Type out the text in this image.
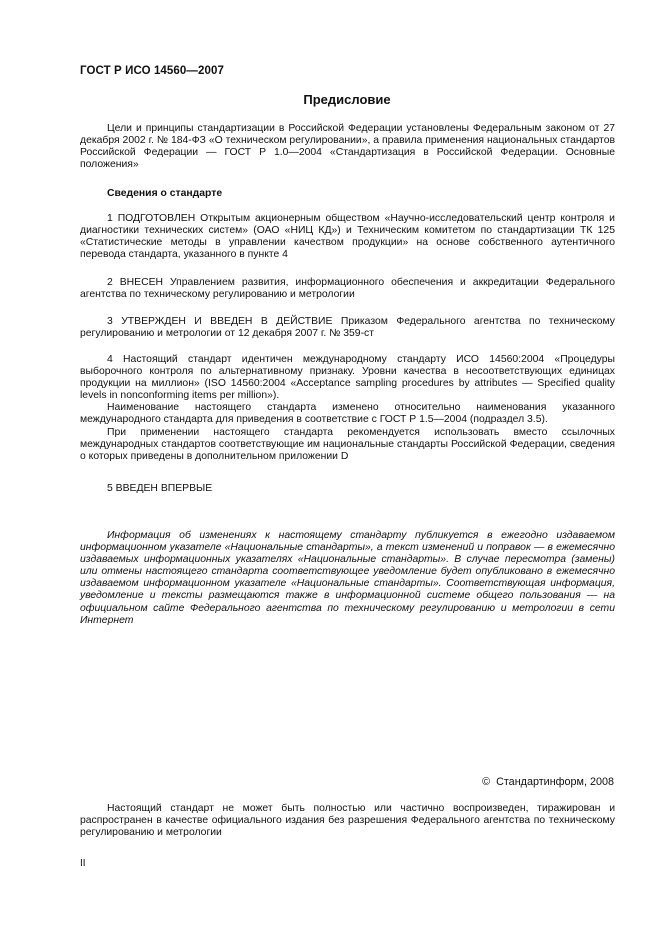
ГОСТ Р ИСО 14560—2007
Предисловие

Цели и принципы стандартизации в Российской Федерации установлены Федеральным законом от 27 декабря 2002 г. № 184-ФЗ «О техническом регулировании», а правила применения национальных стандартов Российской Федерации — ГОСТ Р 1.0—2004 «Стандартизация в Российской Федерации. Основные положения»

Сведения о стандарте

1 ПОДГОТОВЛЕН Открытым акционерным обществом «Научно-исследовательский центр контроля и диагностики технических систем» (ОАО «НИЦ КД») и Техническим комитетом по стандартизации ТК 125 «Статистические методы в управлении качеством продукции» на основе собственного аутентичного перевода стандарта, указанного в пункте 4

2 ВНЕСЕН Управлением развития, информационного обеспечения и аккредитации Федерального агентства по техническому регулированию и метрологии

3 УТВЕРЖДЕН И ВВЕДЕН В ДЕЙСТВИЕ Приказом Федерального агентства по техническому регулированию и метрологии от 12 декабря 2007 г. № 359-ст

4 Настоящий стандарт идентичен международному стандарту ИСО 14560:2004 «Процедуры выборочного контроля по альтернативному признаку. Уровни качества в несоответствующих единицах продукции на миллион» (ISO 14560:2004 «Acceptance sampling procedures by attributes — Specified quality levels in nonconforming items per million»).

Наименование настоящего стандарта изменено относительно наименования указанного международного стандарта для приведения в соответствие с ГОСТ Р 1.5—2004 (подраздел 3.5).

При применении настоящего стандарта рекомендуется использовать вместо ссылочных международных стандартов соответствующие им национальные стандарты Российской Федерации, сведения о которых приведены в дополнительном приложении D

5 ВВЕДЕН ВПЕРВЫЕ

Информация об изменениях к настоящему стандарту публикуется в ежегодно издаваемом информационном указателе «Национальные стандарты», а текст изменений и поправок — в ежемесячно издаваемых информационных указателях «Национальные стандарты». В случае пересмотра (замены) или отмены настоящего стандарта соответствующее уведомление будет опубликовано в ежемесячно издаваемом информационном указателе «Национальные стандарты». Соответствующая информация, уведомление и тексты размещаются также в информационной системе общего пользования — на официальном сайте Федерального агентства по техническому регулированию и метрологии в сети Интернет

© Стандартинформ, 2008

Настоящий стандарт не может быть полностью или частично воспроизведен, тиражирован и распространен в качестве официального издания без разрешения Федерального агентства по техническому регулированию и метрологии

II
